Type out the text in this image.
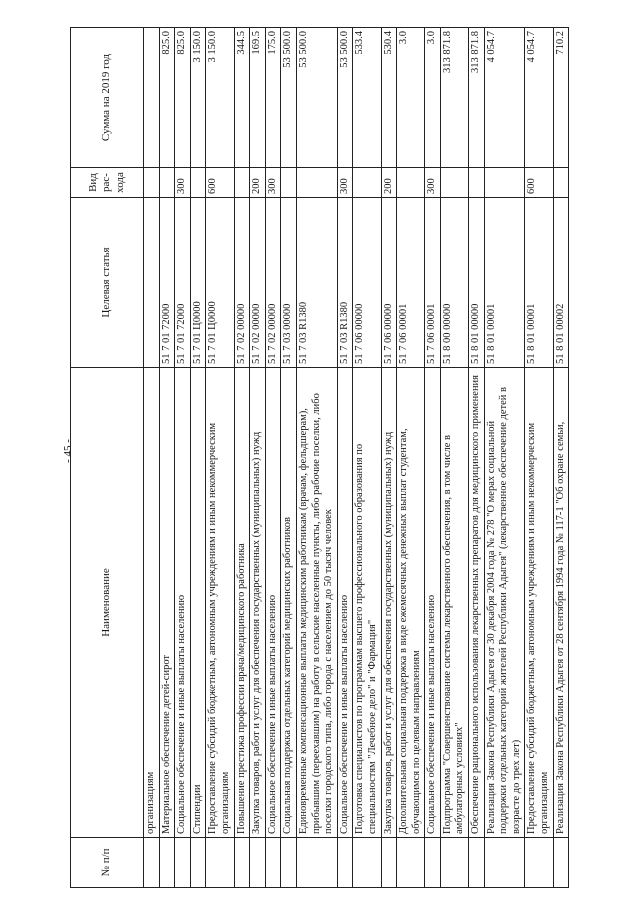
- 45 -
№ п/п	Наименование	Целевая статья	Вид рас-хода	Сумма на 2019 год
	организациям			
	Материальное обеспечение детей-сирот	51 7 01 72000		825.0
	Социальное обеспечение и иные выплаты населению	51 7 01 72000	300	825.0
	Стипендии	51 7 01 Ц0000		3 150.0
	Предоставление субсидий бюджетным, автономным учреждениям и иным некоммерческим организациям	51 7 01 Ц0000	600	3 150.0
	Повышение престижа профессии врача/медицинского работника	51 7 02 00000		344.5
	Закупка товаров, работ и услуг для обеспечения государственных (муниципальных) нужд	51 7 02 00000	200	169.5
	Социальное обеспечение и иные выплаты населению	51 7 02 00000	300	175.0
	Социальная поддержка отдельных категорий медицинских работников	51 7 03 00000		53 500.0
	Единовременные компенсационные выплаты медицинским работникам (врачам, фельдшерам), прибывшим (переехавшим) на работу в сельские населенные пункты, либо рабочие поселки, либо поселки городского типа, либо города с населением до 50 тысяч человек	51 7 03 R1380		53 500.0
	Социальное обеспечение и иные выплаты населению	51 7 03 R1380	300	53 500.0
	Подготовка специалистов по программам высшего профессионального образования по специальностям "Лечебное дело" и "Фармация"	51 7 06 00000		533.4
	Закупка товаров, работ и услуг для обеспечения государственных (муниципальных) нужд	51 7 06 00000	200	530.4
	Дополнительная социальная поддержка в виде ежемесячных денежных выплат студентам, обучающимся по целевым направлениям	51 7 06 00001		3.0
	Социальное обеспечение и иные выплаты населению	51 7 06 00001	300	3.0
	Подпрограмма "Совершенствование системы лекарственного обеспечения, в том числе в амбулаторных условиях"	51 8 00 00000		313 871.8
	Обеспечение рационального использования лекарственных препаратов для медицинского применения	51 8 01 00000		313 871.8
	Реализация Закона Республики Адыгея от 30 декабря 2004 года № 278 "О мерах социальной поддержки отдельных категорий жителей Республики Адыгея" (лекарственное обеспечение детей в возрасте до трех лет)	51 8 01 00001		4 054.7
	Предоставление субсидий бюджетным, автономным учреждениям и иным некоммерческим организациям	51 8 01 00001	600	4 054.7
	Реализация Закона Республики Адыгея от 28 сентября 1994 года № 117-1 "Об охране семьи,	51 8 01 00002		710.2
